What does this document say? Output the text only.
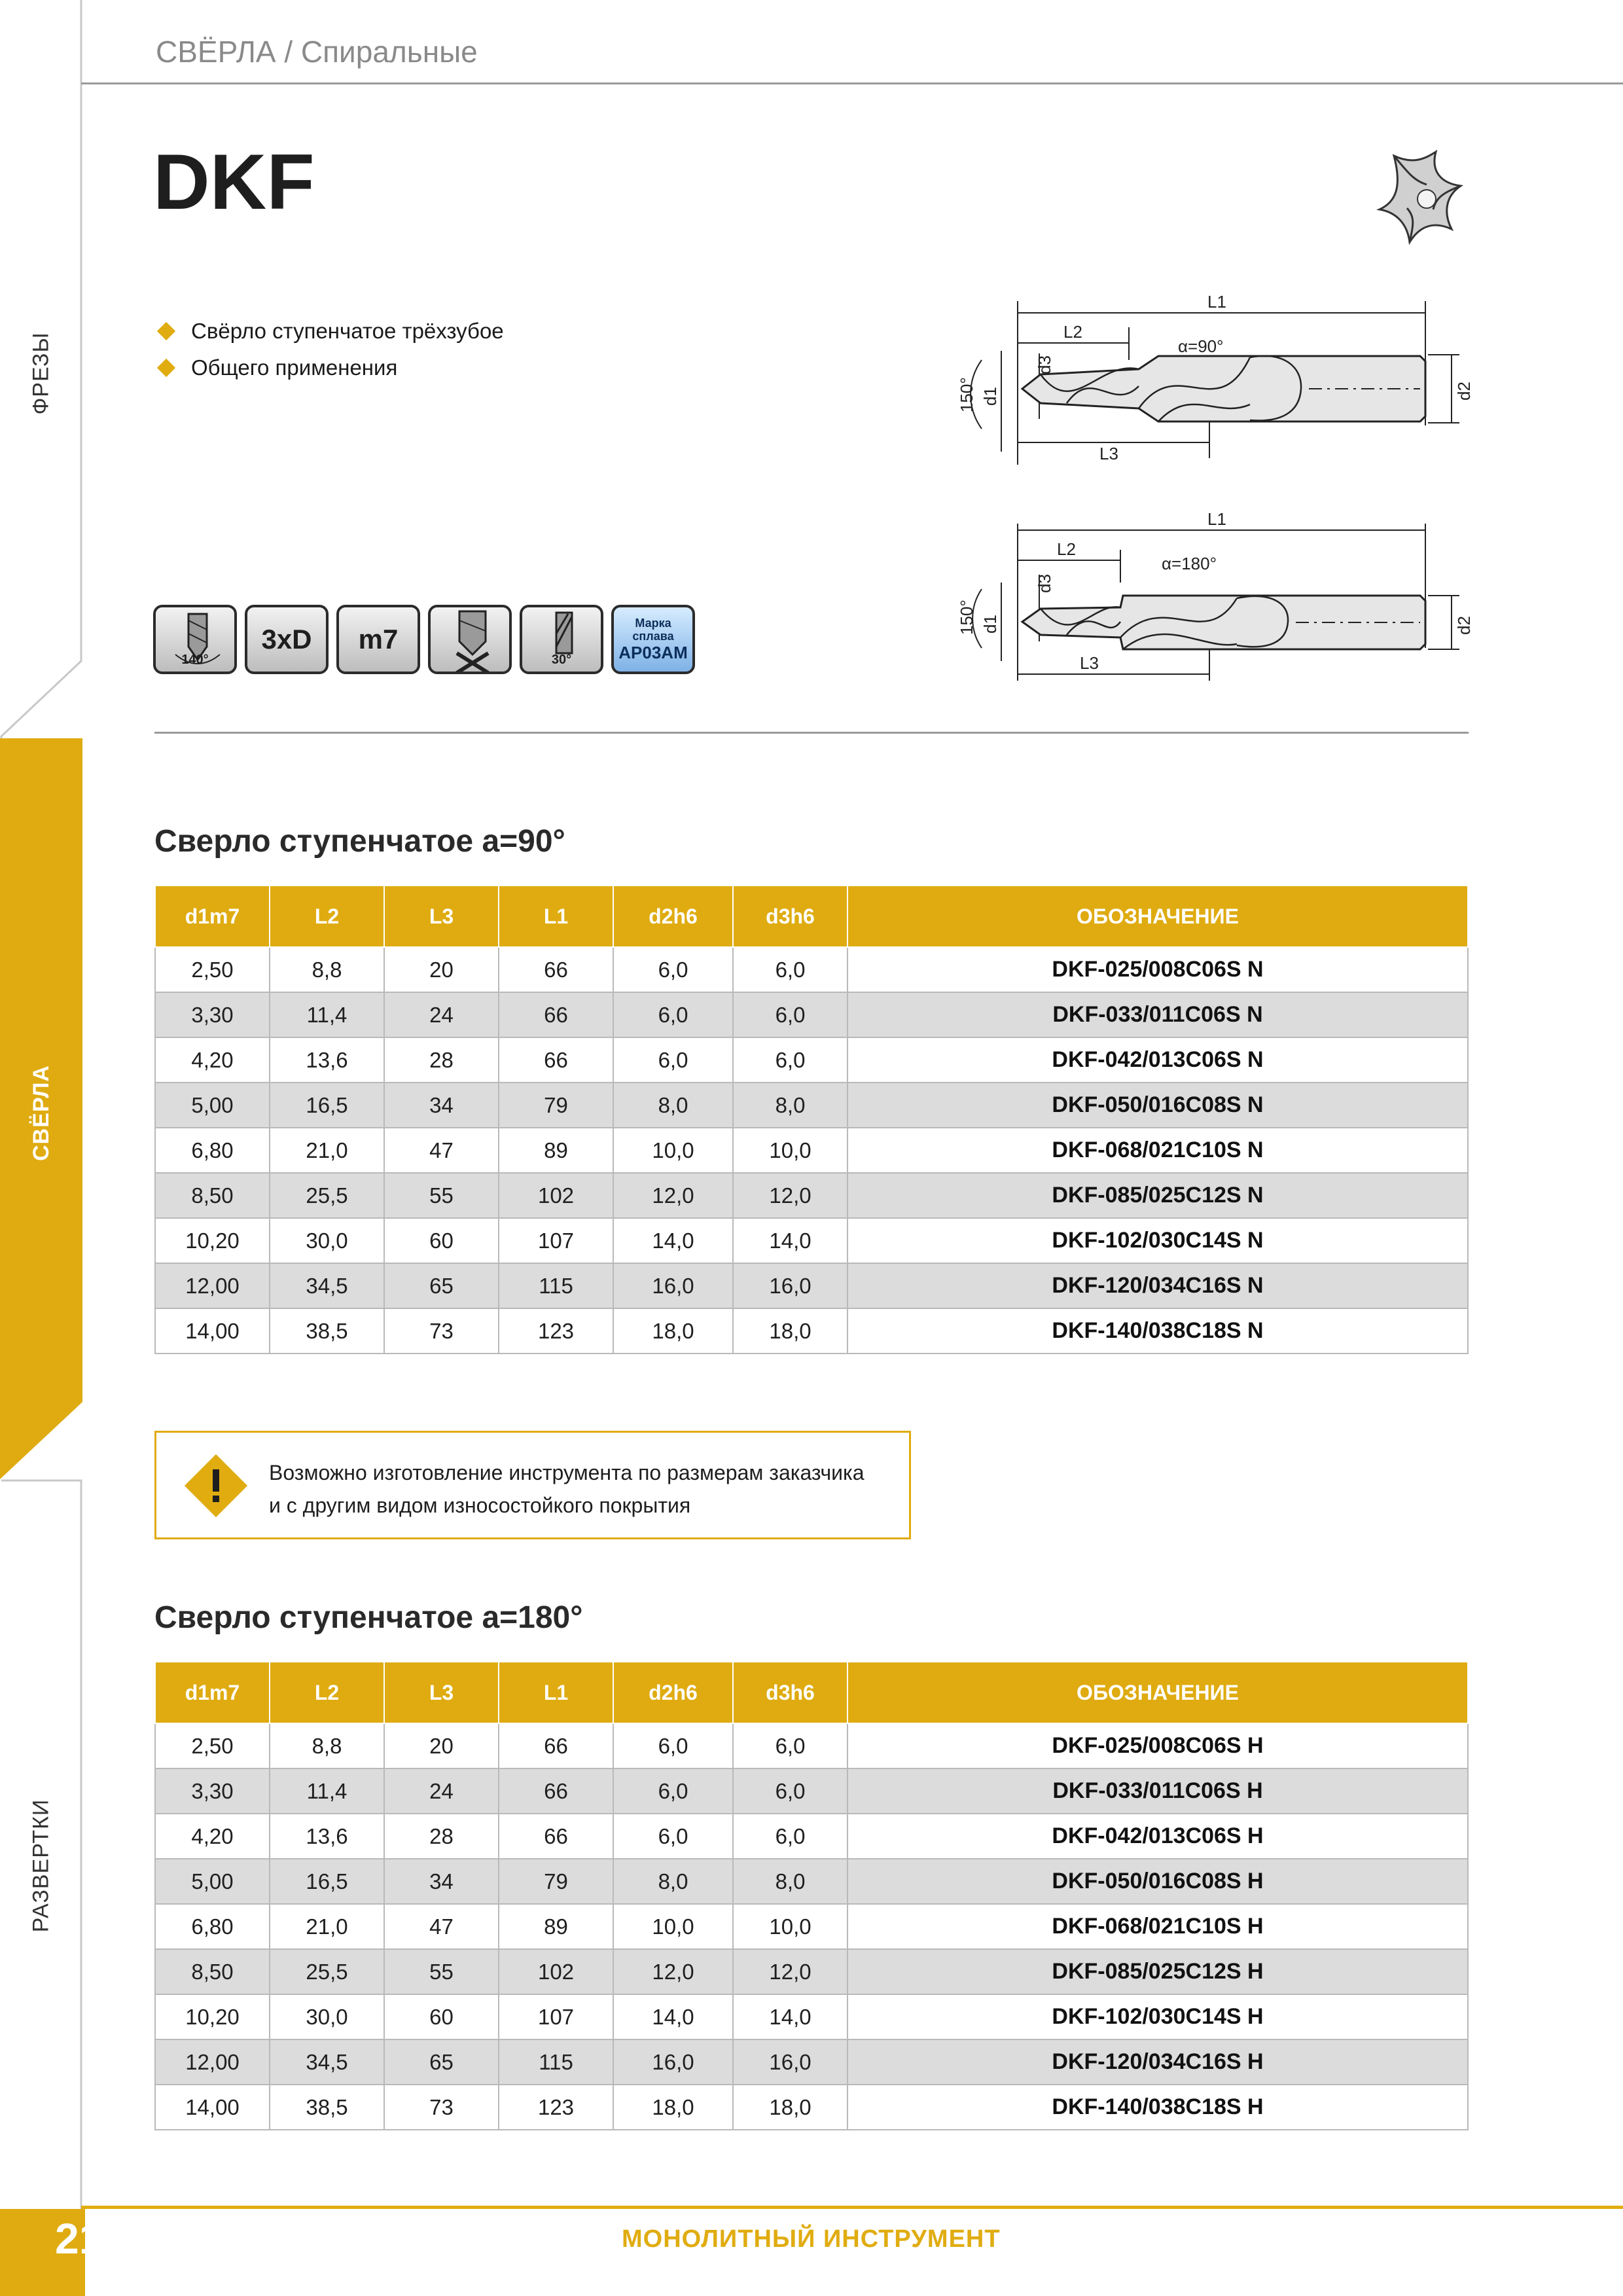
ФРЕЗЫ
СВЁРЛА
РАЗВЕРТКИ
СВЁРЛА / Спиральные
DKF
Свёрло ступенчатое трёхзубое
Общего применения
L1
L2
L3
α=90°
d3
d1
150°	d2
L1
L2
L3
α=180°
d3
d1
150°	d2
140°
3xD m7
30°
Марка
сплава
AP03AM
Сверло ступенчатое a=90°
d1m7	L2	L3	L1	d2h6	d3h6	ОБОЗНАЧЕНИЕ
2,50	8,8	20	66	6,0	6,0	DKF-025/008C06S N
3,30	11,4	24	66	6,0	6,0	DKF-033/011C06S N
4,20	13,6	28	66	6,0	6,0	DKF-042/013C06S N
5,00	16,5	34	79	8,0	8,0	DKF-050/016C08S N
6,80	21,0	47	89	10,0	10,0	DKF-068/021C10S N
8,50	25,5	55	102	12,0	12,0	DKF-085/025C12S N
10,20	30,0	60	107	14,0	14,0	DKF-102/030C14S N
12,00	34,5	65	115	16,0	16,0	DKF-120/034C16S N
14,00	38,5	73	123	18,0	18,0	DKF-140/038C18S N
Возможно изготовление инструмента по размерам заказчика
и с другим видом износостойкого покрытия
Сверло ступенчатое a=180°
d1m7	L2	L3	L1	d2h6	d3h6	ОБОЗНАЧЕНИЕ
2,50	8,8	20	66	6,0	6,0	DKF-025/008C06S H
3,30	11,4	24	66	6,0	6,0	DKF-033/011C06S H
4,20	13,6	28	66	6,0	6,0	DKF-042/013C06S H
5,00	16,5	34	79	8,0	8,0	DKF-050/016C08S H
6,80	21,0	47	89	10,0	10,0	DKF-068/021C10S H
8,50	25,5	55	102	12,0	12,0	DKF-085/025C12S H
10,20	30,0	60	107	14,0	14,0	DKF-102/030C14S H
12,00	34,5	65	115	16,0	16,0	DKF-120/034C16S H
14,00	38,5	73	123	18,0	18,0	DKF-140/038C18S H
210	МОНОЛИТНЫЙ ИНСТРУМЕНТ
